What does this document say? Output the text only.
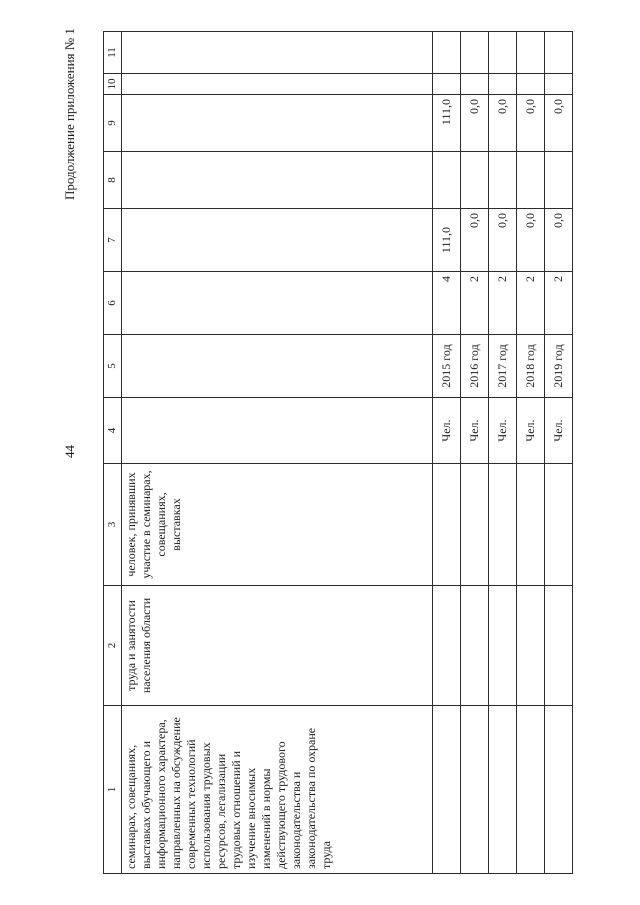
44
Продолжение приложения № 1
1	2	3	4	5	6	7	8	9	10	11
семинарах, совещаниях, выставках обучающего и информационного характера, направленных на обсуждение современных технологий использования трудовых ресурсов, легализации трудовых отношений и изучение вносимых изменений в нормы действующего трудового законодательства и законодательства по охране труда	труда и занятости населения области	человек, принявших участие в семинарах, совещаниях, выставках								
			Чел.	2015 год	4	111,0		111,0		
			Чел.	2016 год	2	0,0		0,0		
			Чел.	2017 год	2	0,0		0,0		
			Чел.	2018 год	2	0,0		0,0		
			Чел.	2019 год	2	0,0		0,0		
